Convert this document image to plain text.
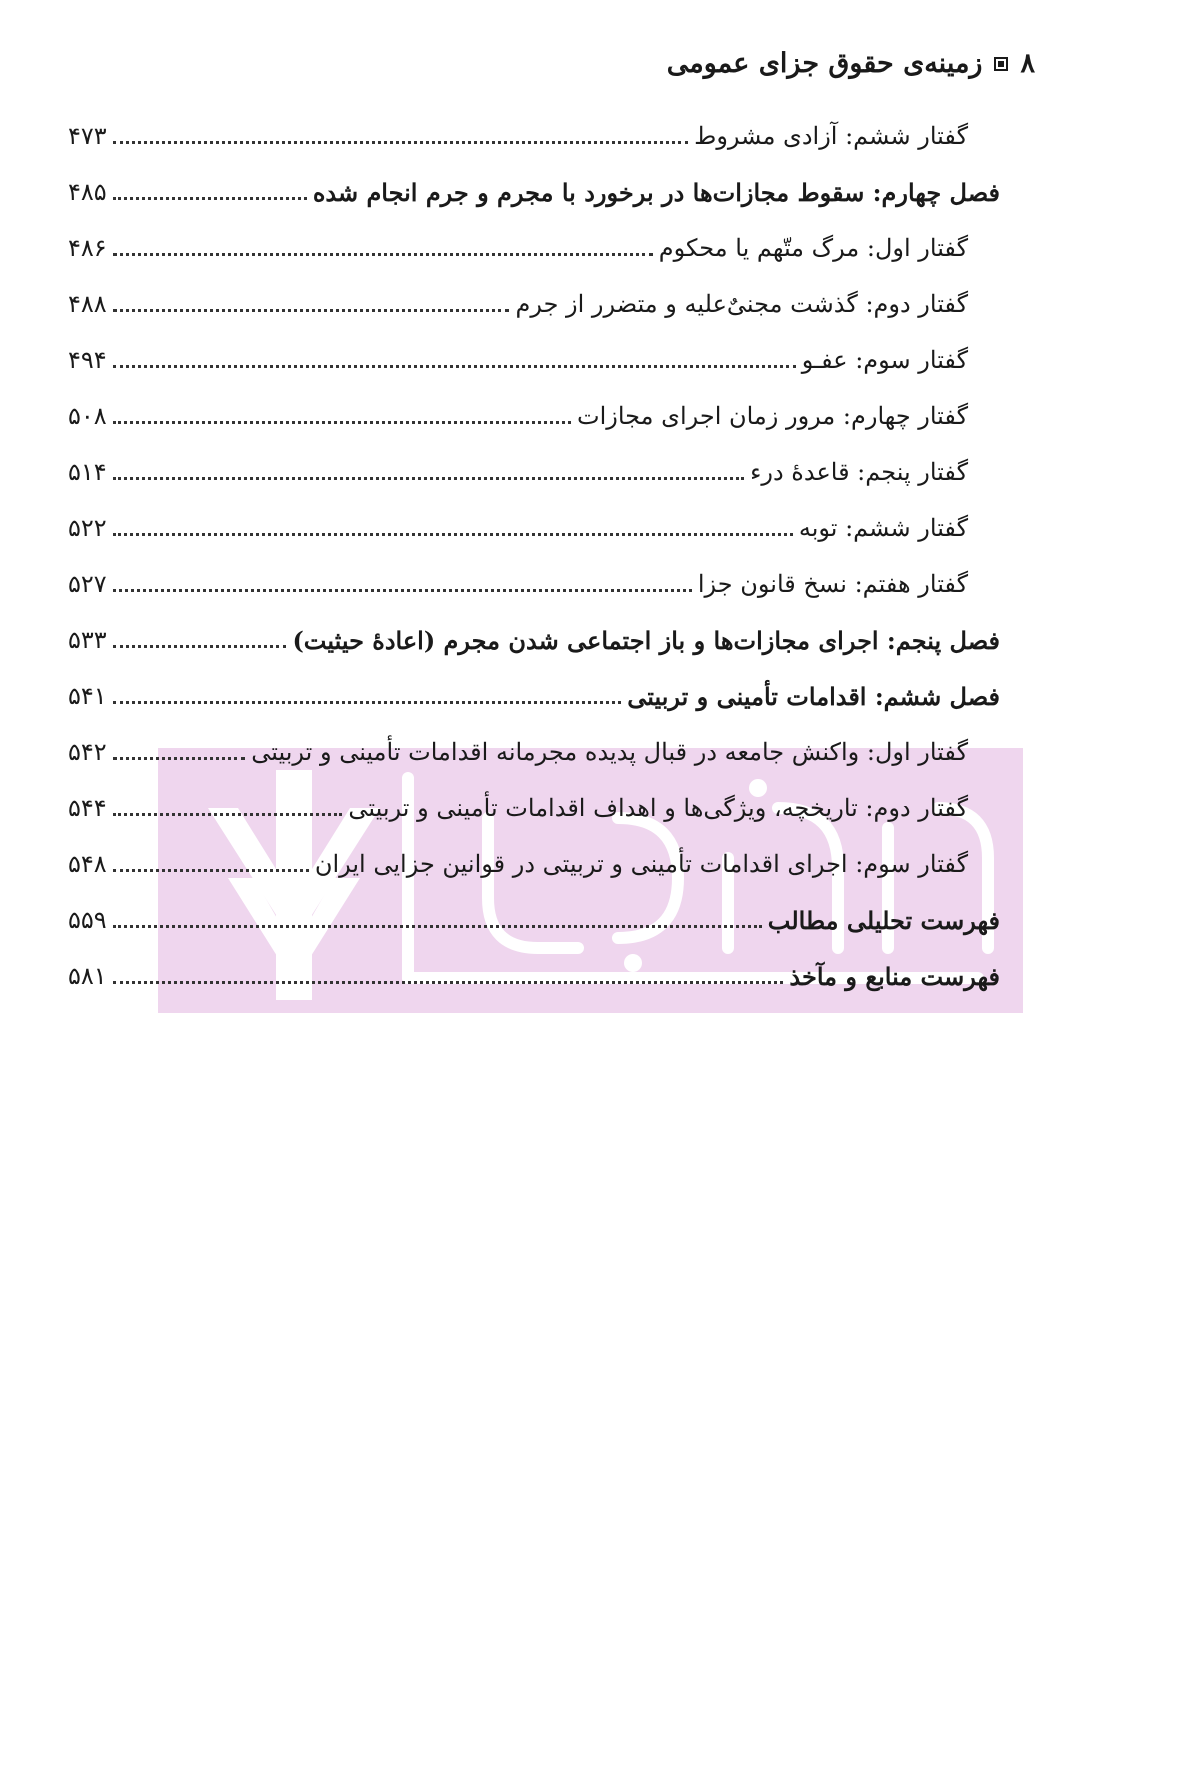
۸
زمینه‌ی حقوق جزای عمومی
گفتار ششم: آزادی مشروط
۴۷۳
فصل چهارم: سقوط مجازات‌ها در برخورد با مجرم و جرم انجام شده
۴۸۵
گفتار اول: مرگ متّهم یا محکوم
۴۸۶
گفتار دوم: گذشت مجنیٌ‌علیه و متضرر از جرم
۴۸۸
گفتار سوم: عفـو
۴۹۴
گفتار چهارم: مرور زمان اجرای مجازات
۵۰۸
گفتار پنجم: قاعدهٔ درء
۵۱۴
گفتار ششم: توبه
۵۲۲
گفتار هفتم: نسخ قانون جزا
۵۲۷
فصل پنجم: اجرای مجازات‌ها و باز اجتماعی شدن مجرم (اعادهٔ حیثیت)
۵۳۳
فصل ششم: اقدامات تأمینی و تربیتی
۵۴۱
گفتار اول: واکنش جامعه در قبال پدیده مجرمانه اقدامات تأمینی و تربیتی
۵۴۲
گفتار دوم: تاریخچه، ویژگی‌ها و اهداف اقدامات تأمینی و تربیتی
۵۴۴
گفتار سوم: اجرای اقدامات تأمینی و تربیتی در قوانین جزایی ایران
۵۴۸
فهرست تحلیلی مطالب
۵۵۹
فهرست منابع و مآخذ
۵۸۱
